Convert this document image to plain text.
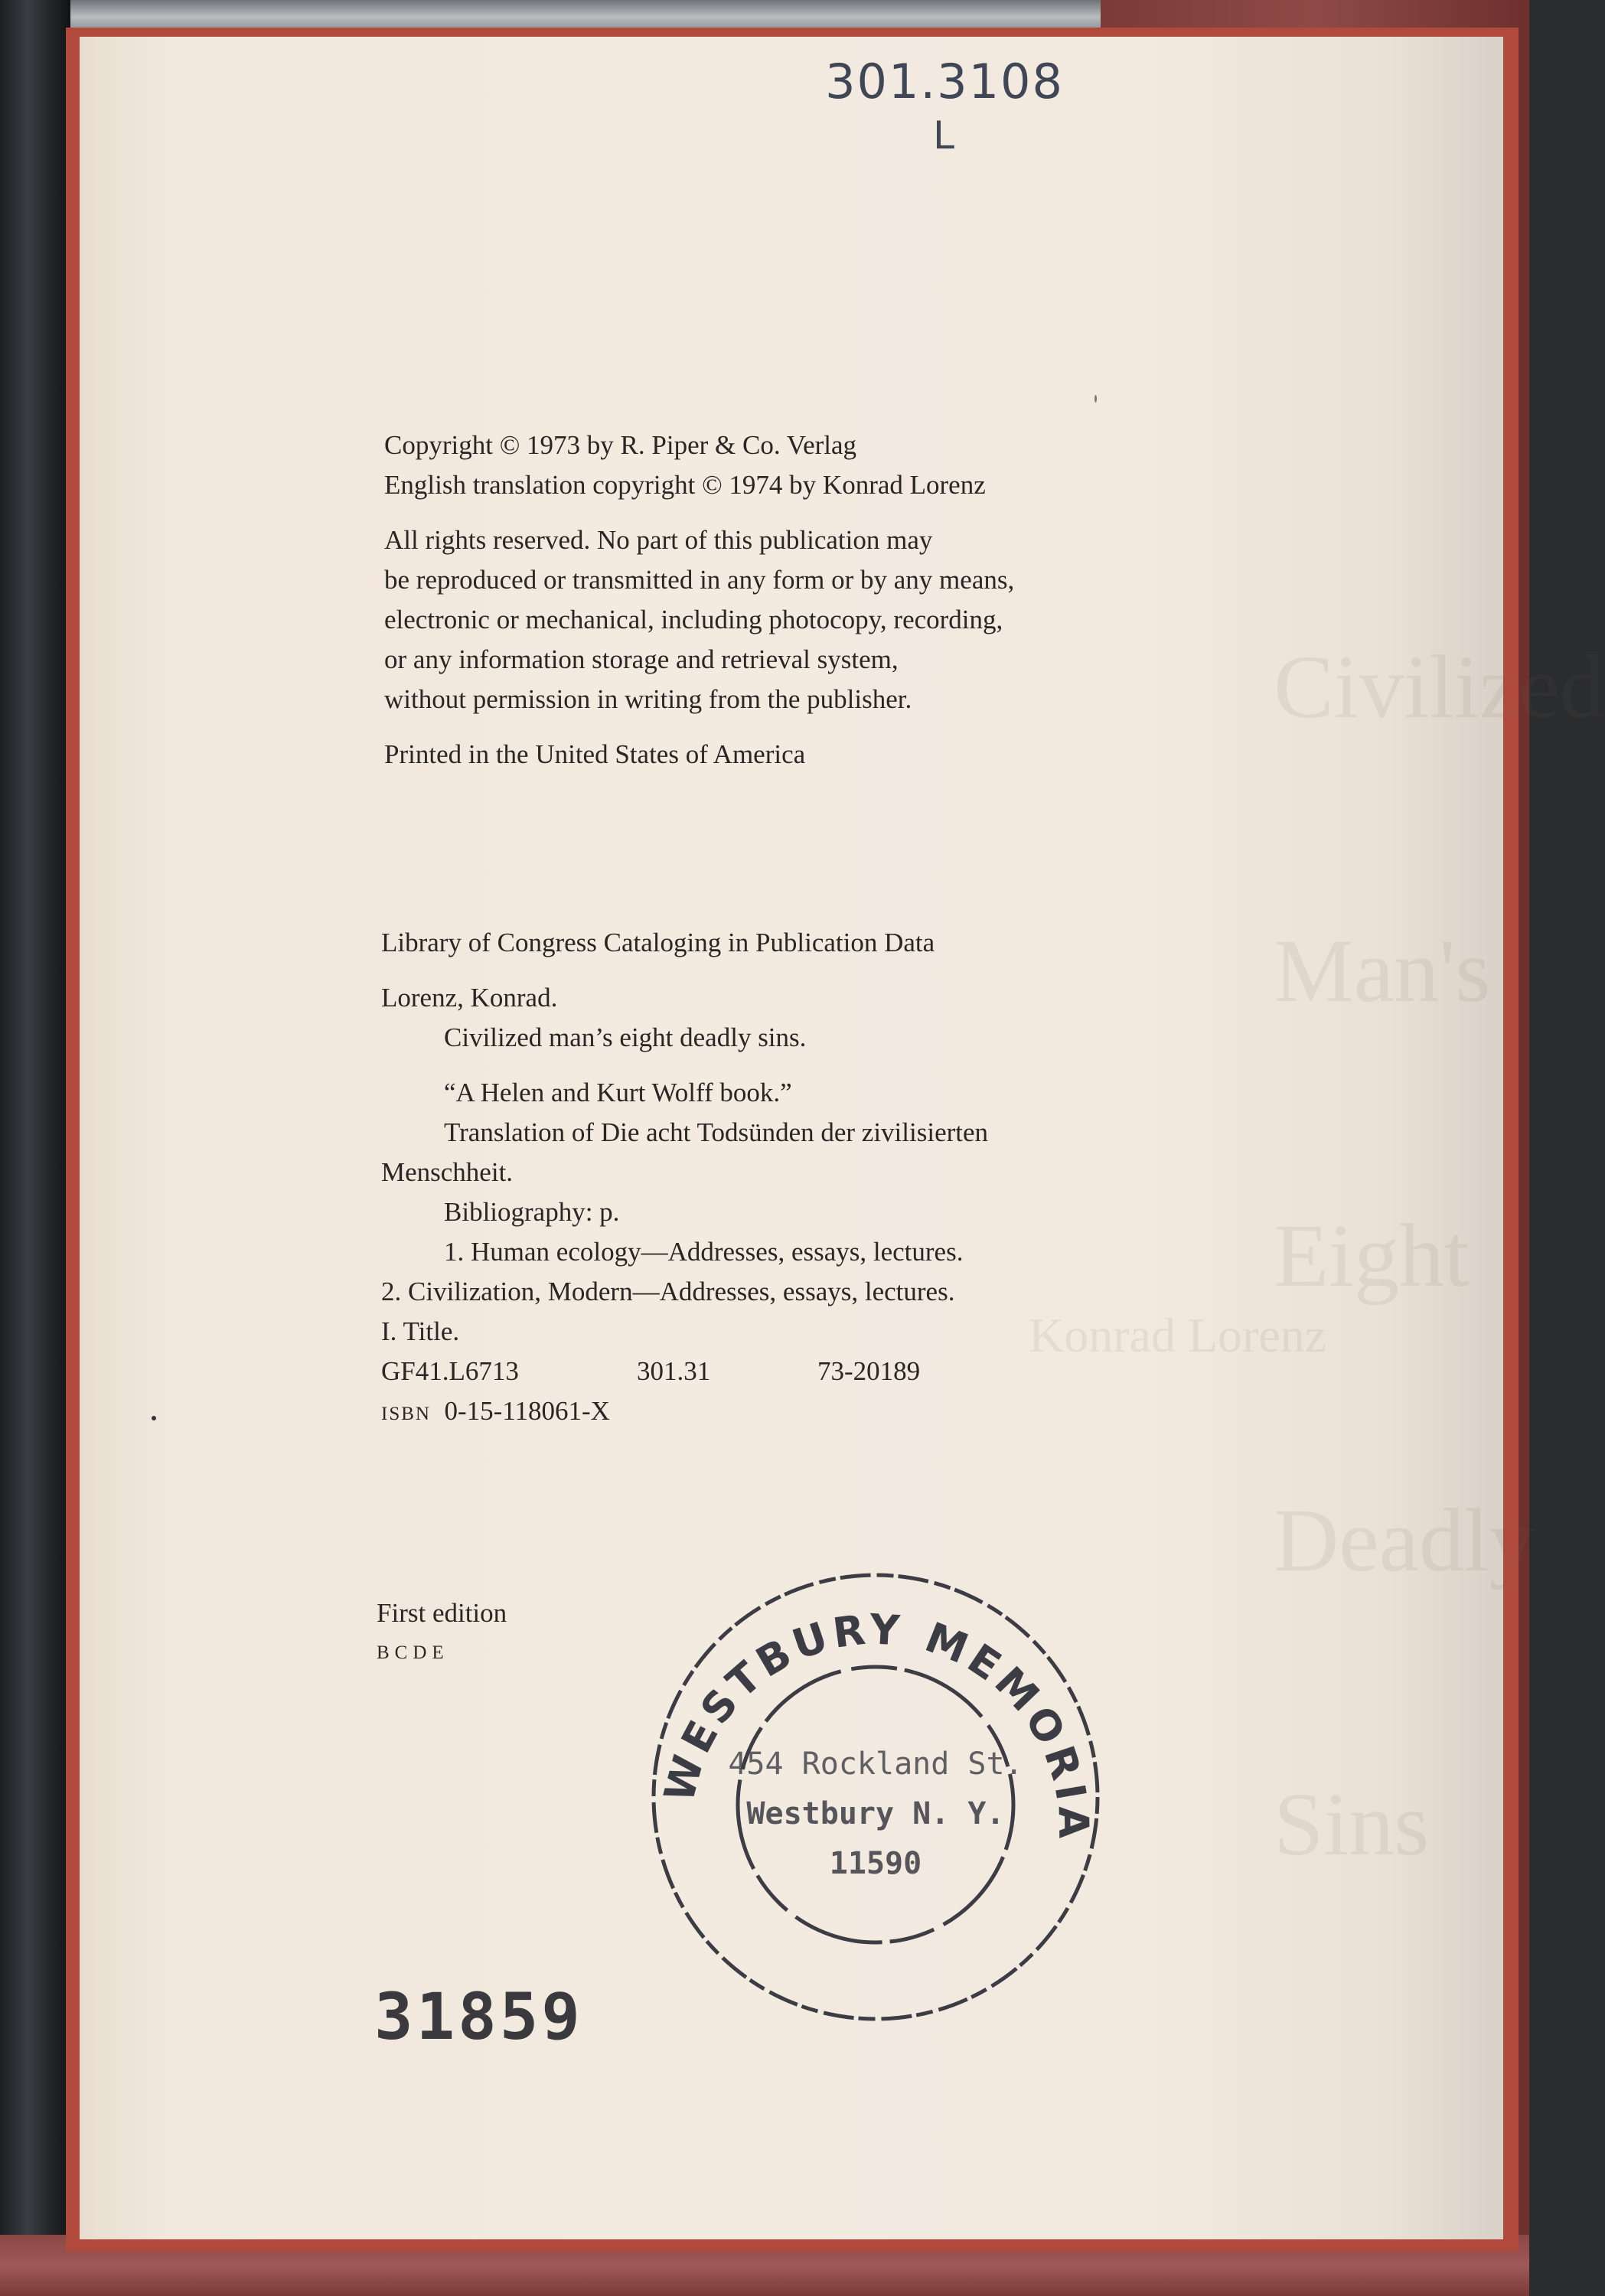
Civilized

Man's

Eight

Deadly

Sins

Konrad Lorenz
301.3108
L
Copyright © 1973 by R. Piper & Co. Verlag
English translation copyright © 1974 by Konrad Lorenz
All rights reserved. No part of this publication may
be reproduced or transmitted in any form or by any means,
electronic or mechanical, including photocopy, recording,
or any information storage and retrieval system,
without permission in writing from the publisher.
Printed in the United States of America
Library of Congress Cataloging in Publication Data
Lorenz, Konrad.
Civilized man’s eight deadly sins.
“A Helen and Kurt Wolff book.”
Translation of Die acht Todsünden der zivilisierten
Menschheit.
Bibliography: p.
1. Human ecology—Addresses, essays, lectures.
2. Civilization, Modern—Addresses, essays, lectures.
I. Title.
GF41.L6713	301.31	73-20189
ISBN 0-15-118061-X
First edition
BCDE
WESTBURY MEMORIA
454 Rockland St.
Westbury N. Y.
11590
31859
